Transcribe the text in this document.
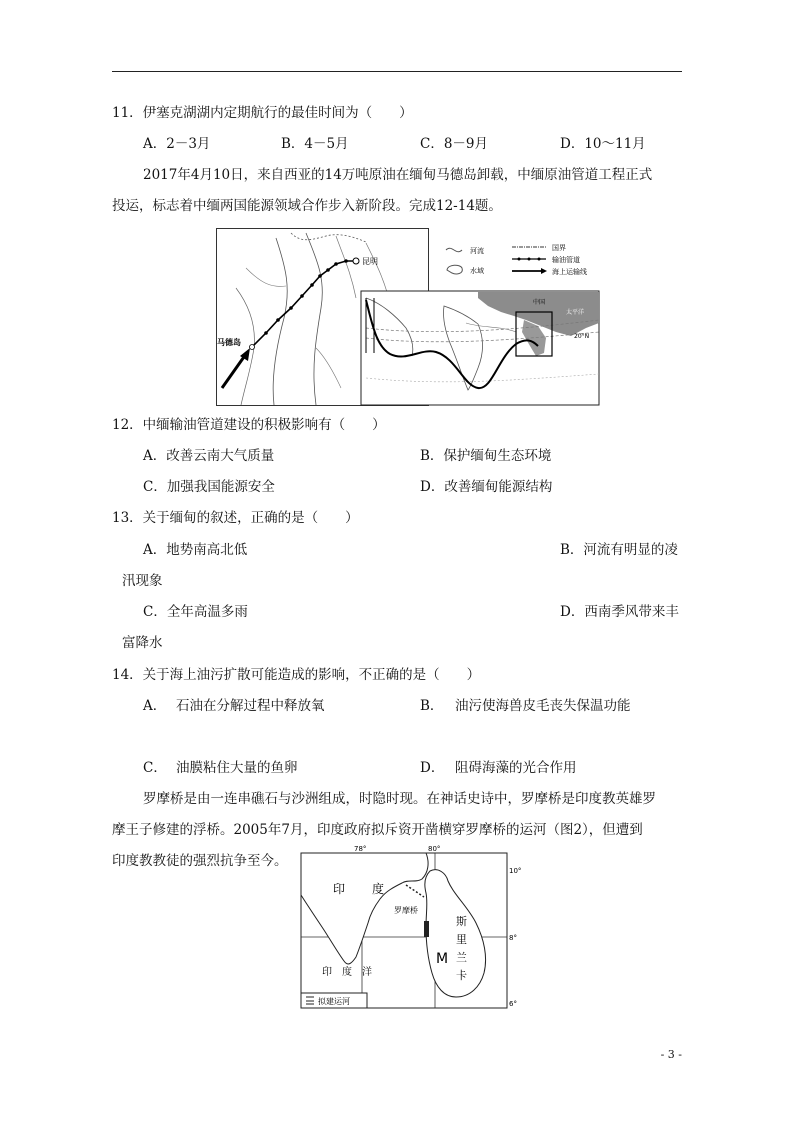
11．伊塞克湖湖内定期航行的最佳时间为（　　）
A．2－3月	B．4－5月	C．8－9月	D．10～11月
2017年4月10日，来自西亚的14万吨原油在缅甸马德岛卸载，中缅原油管道工程正式
投运，标志着中缅两国能源领域合作步入新阶段。完成12-14题。
昆明
马德岛
河流
水域
国界
输油管道
海上运输线
中国
太平洋
20°N
12．中缅输油管道建设的积极影响有（　　）
A．改善云南大气质量	B．保护缅甸生态环境
C．加强我国能源安全	D．改善缅甸能源结构
13．关于缅甸的叙述，正确的是（　　）
A．地势南高北低	B．河流有明显的凌
汛现象
C．全年高温多雨	D．西南季风带来丰
富降水
14．关于海上油污扩散可能造成的影响，不正确的是（　　）
A． 石油在分解过程中释放氧	B． 油污使海兽皮毛丧失保温功能
C． 油膜粘住大量的鱼卵	D． 阻碍海藻的光合作用
罗摩桥是由一连串礁石与沙洲组成，时隐时现。在神话史诗中，罗摩桥是印度教英雄罗
摩王子修建的浮桥。2005年7月，印度政府拟斥资开凿横穿罗摩桥的运河（图2），但遭到
印度教教徒的强烈抗争至今。
78°	80°
10°
8°
6°
印 度
罗摩桥
印　度　洋
斯
里
兰
卡
M
拟建运河
- 3 -
